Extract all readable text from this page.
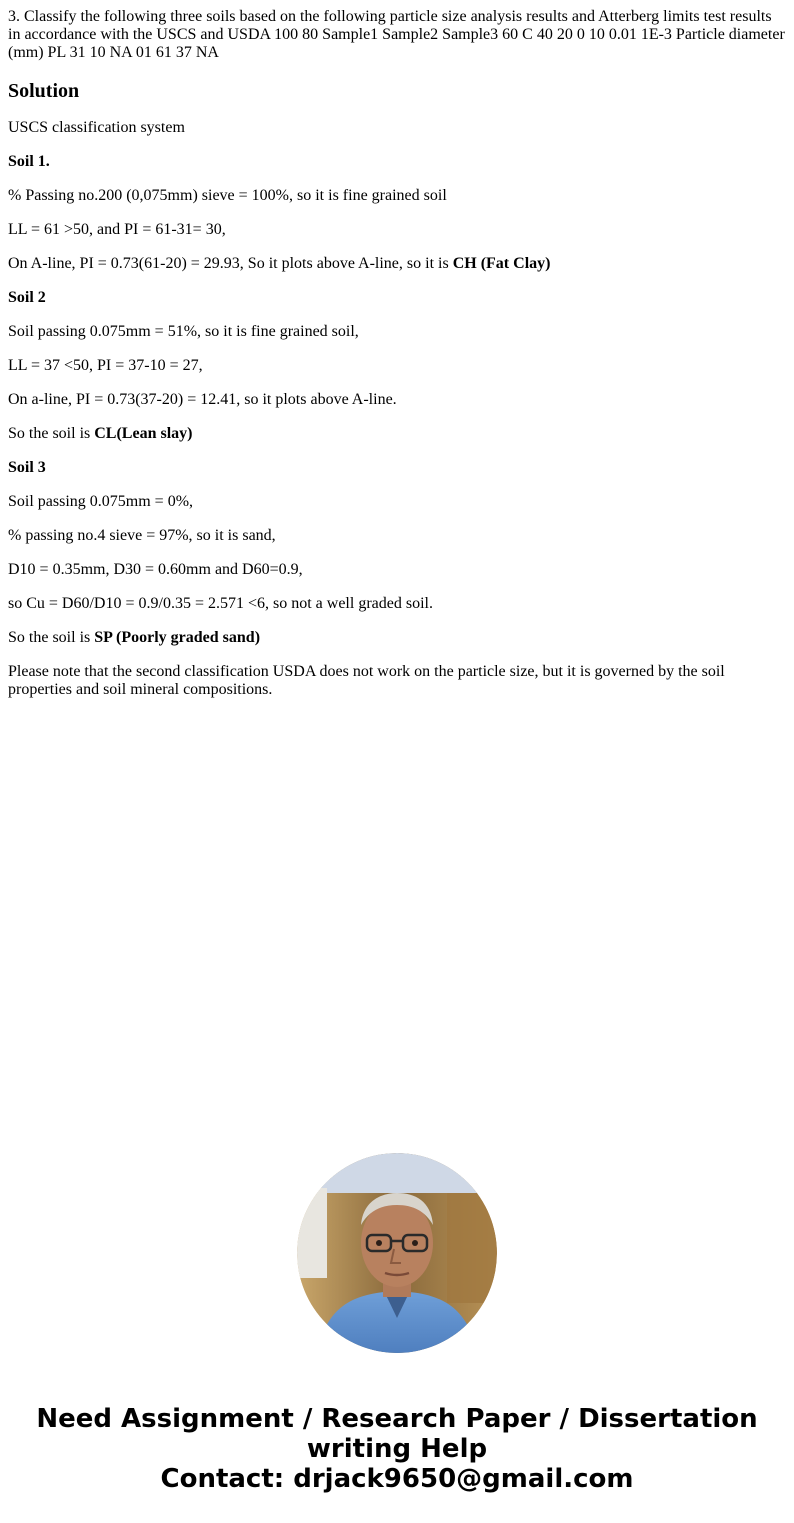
3. Classify the following three soils based on the following particle size analysis results and Atterberg limits test results in accordance with the USCS and USDA 100 80 Sample1 Sample2 Sample3 60 C 40 20 0 10 0.01 1E-3 Particle diameter (mm) PL 31 10 NA 01 61 37 NA
Solution
USCS classification system
Soil 1.
% Passing no.200 (0,075mm) sieve = 100%, so it is fine grained soil
LL = 61 >50, and PI = 61-31= 30,
On A-line, PI = 0.73(61-20) = 29.93, So it plots above A-line, so it is CH (Fat Clay)
Soil 2
Soil passing 0.075mm = 51%, so it is fine grained soil,
LL = 37 <50, PI = 37-10 = 27,
On a-line, PI = 0.73(37-20) = 12.41, so it plots above A-line.
So the soil is CL(Lean slay)
Soil 3
Soil passing 0.075mm = 0%,
% passing no.4 sieve = 97%, so it is sand,
D10 = 0.35mm, D30 = 0.60mm and D60=0.9,
so Cu = D60/D10 = 0.9/0.35 = 2.571 <6, so not a well graded soil.
So the soil is SP (Poorly graded sand)
Please note that the second classification USDA does not work on the particle size, but it is governed by the soil properties and soil mineral compositions.
Need Assignment / Research Paper / Dissertation
writing Help
Contact: drjack9650@gmail.com
